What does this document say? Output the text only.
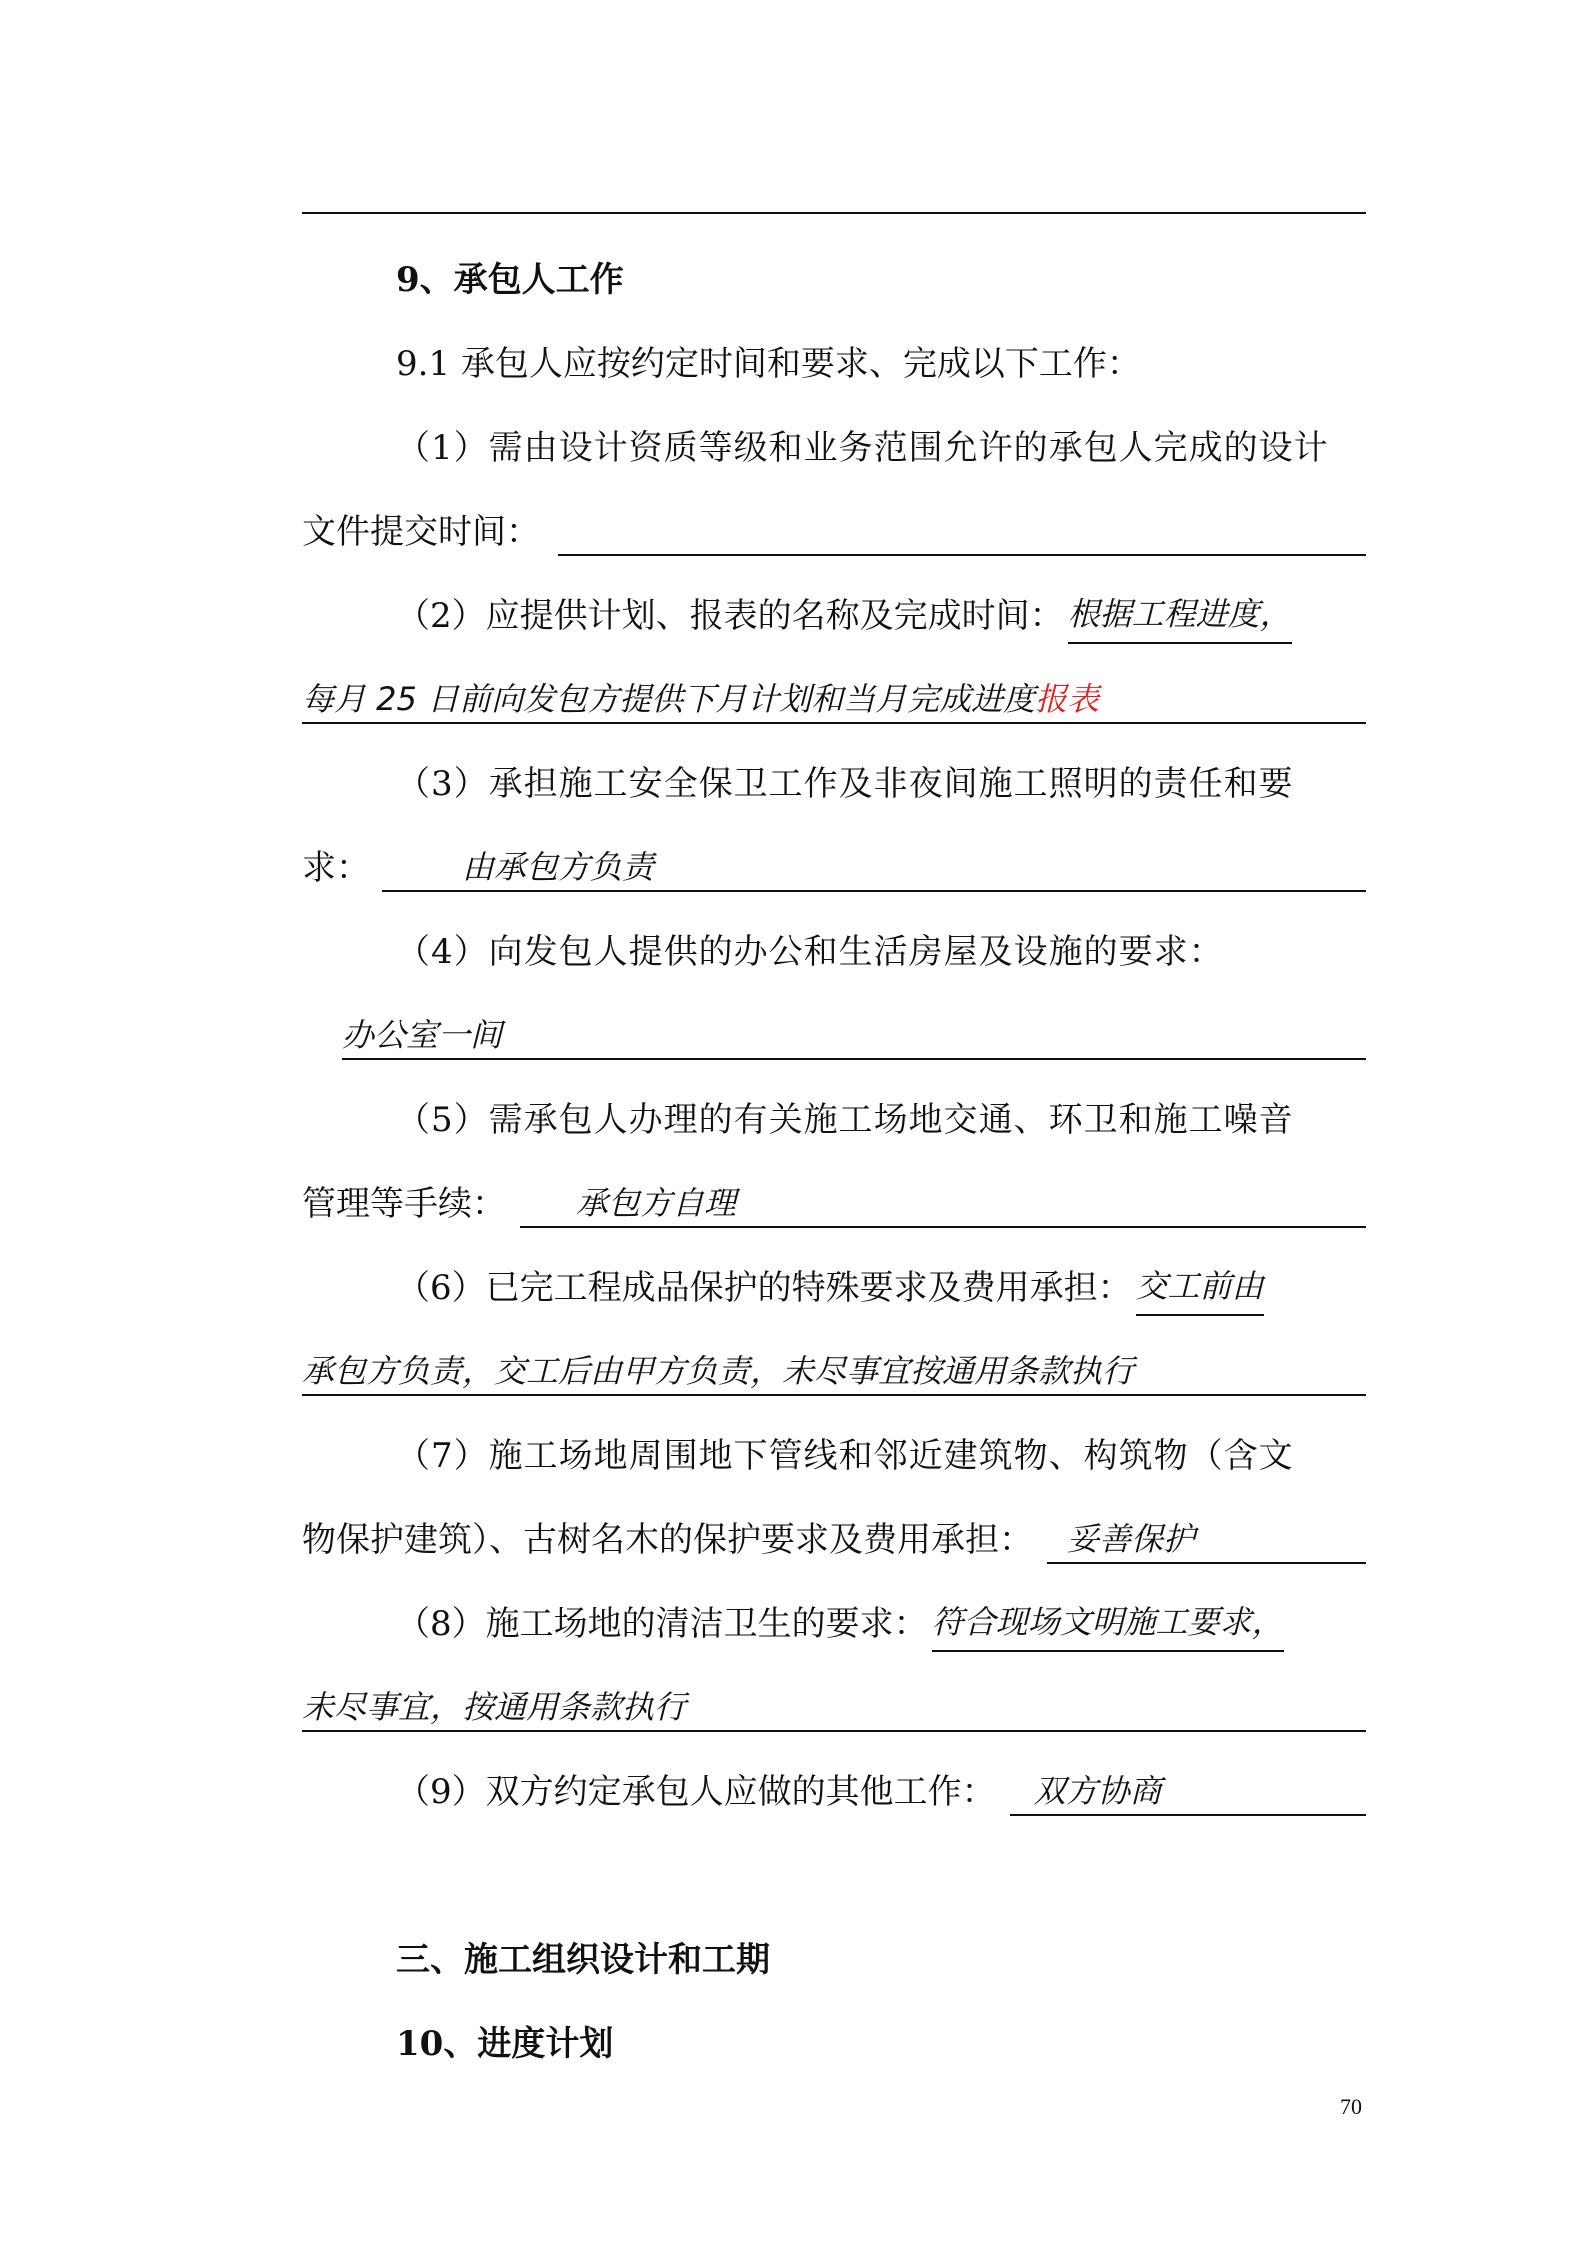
9、承包人工作
9.1 承包人应按约定时间和要求、完成以下工作：
（1）需由设计资质等级和业务范围允许的承包人完成的设计
文件提交时间：
（2）应提供计划、报表的名称及完成时间： 根据工程进度，
每月 25 日前向发包方提供下月计划和当月完成进度报表
（3）承担施工安全保卫工作及非夜间施工照明的责任和要
求：	由承包方负责
（4）向发包人提供的办公和生活房屋及设施的要求：
办公室一间
（5）需承包人办理的有关施工场地交通、环卫和施工噪音
管理等手续：	承包方自理
（6）已完工程成品保护的特殊要求及费用承担： 交工前由
承包方负责，交工后由甲方负责，未尽事宜按通用条款执行
（7）施工场地周围地下管线和邻近建筑物、构筑物（含文
物保护建筑）、古树名木的保护要求及费用承担：	妥善保护
（8）施工场地的清洁卫生的要求： 符合现场文明施工要求，
未尽事宜，按通用条款执行
（9）双方约定承包人应做的其他工作：	双方协商
三、施工组织设计和工期
10、进度计划
70
